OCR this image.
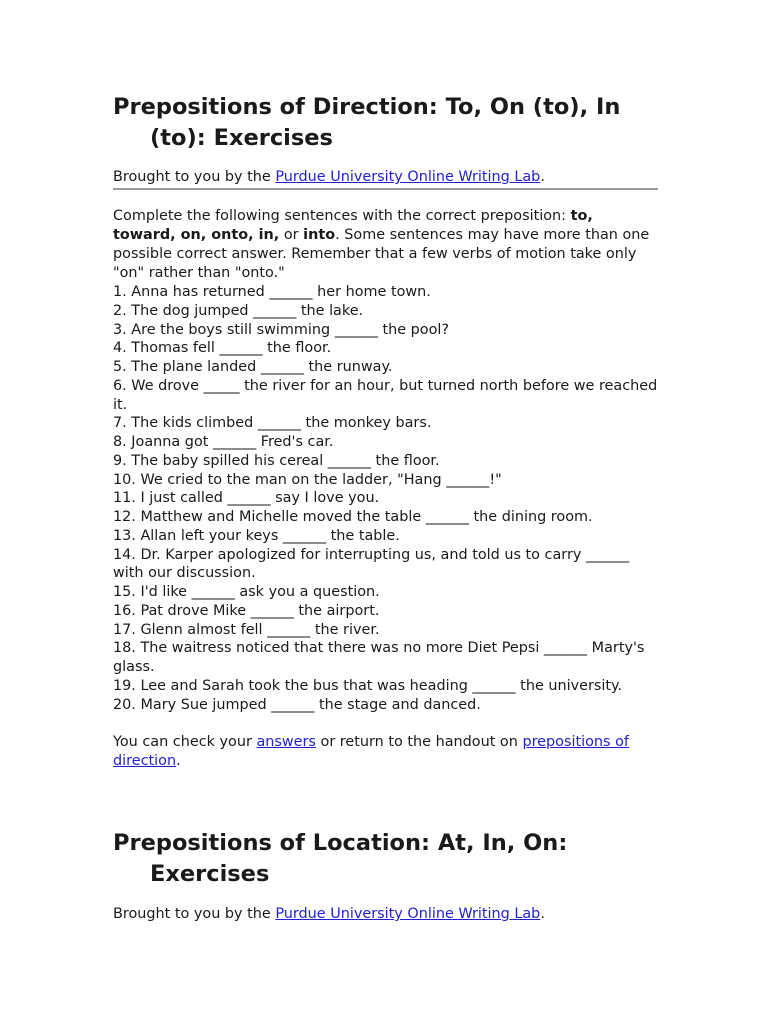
Prepositions of Direction: To, On (to), In (to): Exercises

Brought to you by the Purdue University Online Writing Lab.

Complete the following sentences with the correct preposition: to, toward, on, onto, in, or into. Some sentences may have more than one possible correct answer. Remember that a few verbs of motion take only "on" rather than "onto."

1. Anna has returned ______ her home town.
2. The dog jumped ______ the lake.
3. Are the boys still swimming ______ the pool?
4. Thomas fell ______ the floor.
5. The plane landed ______ the runway.
6. We drove _____ the river for an hour, but turned north before we reached it.
7. The kids climbed ______ the monkey bars.
8. Joanna got ______ Fred's car.
9. The baby spilled his cereal ______ the floor.
10. We cried to the man on the ladder, "Hang ______!"
11. I just called ______ say I love you.
12. Matthew and Michelle moved the table ______ the dining room.
13. Allan left your keys ______ the table.
14. Dr. Karper apologized for interrupting us, and told us to carry ______ with our discussion.
15. I'd like ______ ask you a question.
16. Pat drove Mike ______ the airport.
17. Glenn almost fell ______ the river.
18. The waitress noticed that there was no more Diet Pepsi ______ Marty's glass.
19. Lee and Sarah took the bus that was heading ______ the university.
20. Mary Sue jumped ______ the stage and danced.

You can check your answers or return to the handout on prepositions of direction.

Prepositions of Location: At, In, On: Exercises

Brought to you by the Purdue University Online Writing Lab.
